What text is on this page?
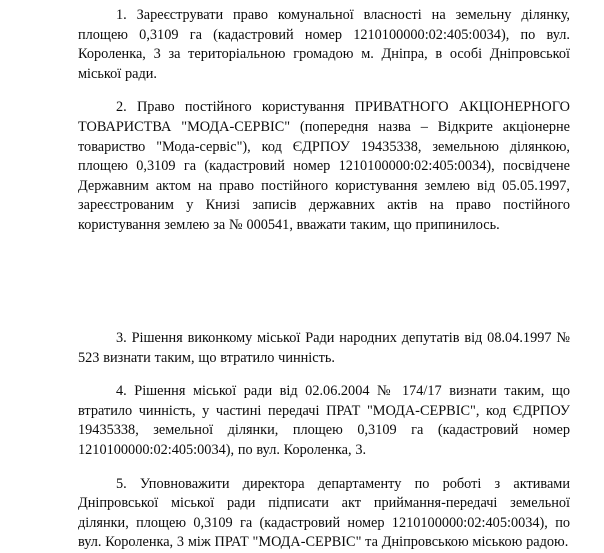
1. Зареєструвати право комунальної власності на земельну ділянку, площею 0,3109 га (кадастровий номер 1210100000:02:405:0034), по вул. Короленка, 3 за територіальною громадою м. Дніпра, в особі Дніпровської міської ради.

2. Право постійного користування ПРИВАТНОГО АКЦІОНЕРНОГО ТОВАРИСТВА "МОДА-СЕРВІС" (попередня назва – Відкрите акціонерне товариство "Мода-сервіс"), код ЄДРПОУ 19435338, земельною ділянкою, площею 0,3109 га (кадастровий номер 1210100000:02:405:0034), посвідчене Державним актом на право постійного користування землею від 05.05.1997, зареєстрованим у Книзі записів державних актів на право постійного користування землею за № 000541, вважати таким, що припинилось.

3. Рішення виконкому міської Ради народних депутатів від 08.04.1997 № 523 визнати таким, що втратило чинність.

4. Рішення міської ради від 02.06.2004 № 174/17 визнати таким, що втратило чинність, у частині передачі ПРАТ "МОДА-СЕРВІС", код ЄДРПОУ 19435338, земельної ділянки, площею 0,3109 га (кадастровий номер 1210100000:02:405:0034), по вул. Короленка, 3.

5. Уповноважити директора департаменту по роботі з активами Дніпровської міської ради підписати акт приймання-передачі земельної ділянки, площею 0,3109 га (кадастровий номер 1210100000:02:405:0034), по вул. Короленка, 3 між ПРАТ "МОДА-СЕРВІС" та Дніпровською міською радою.
